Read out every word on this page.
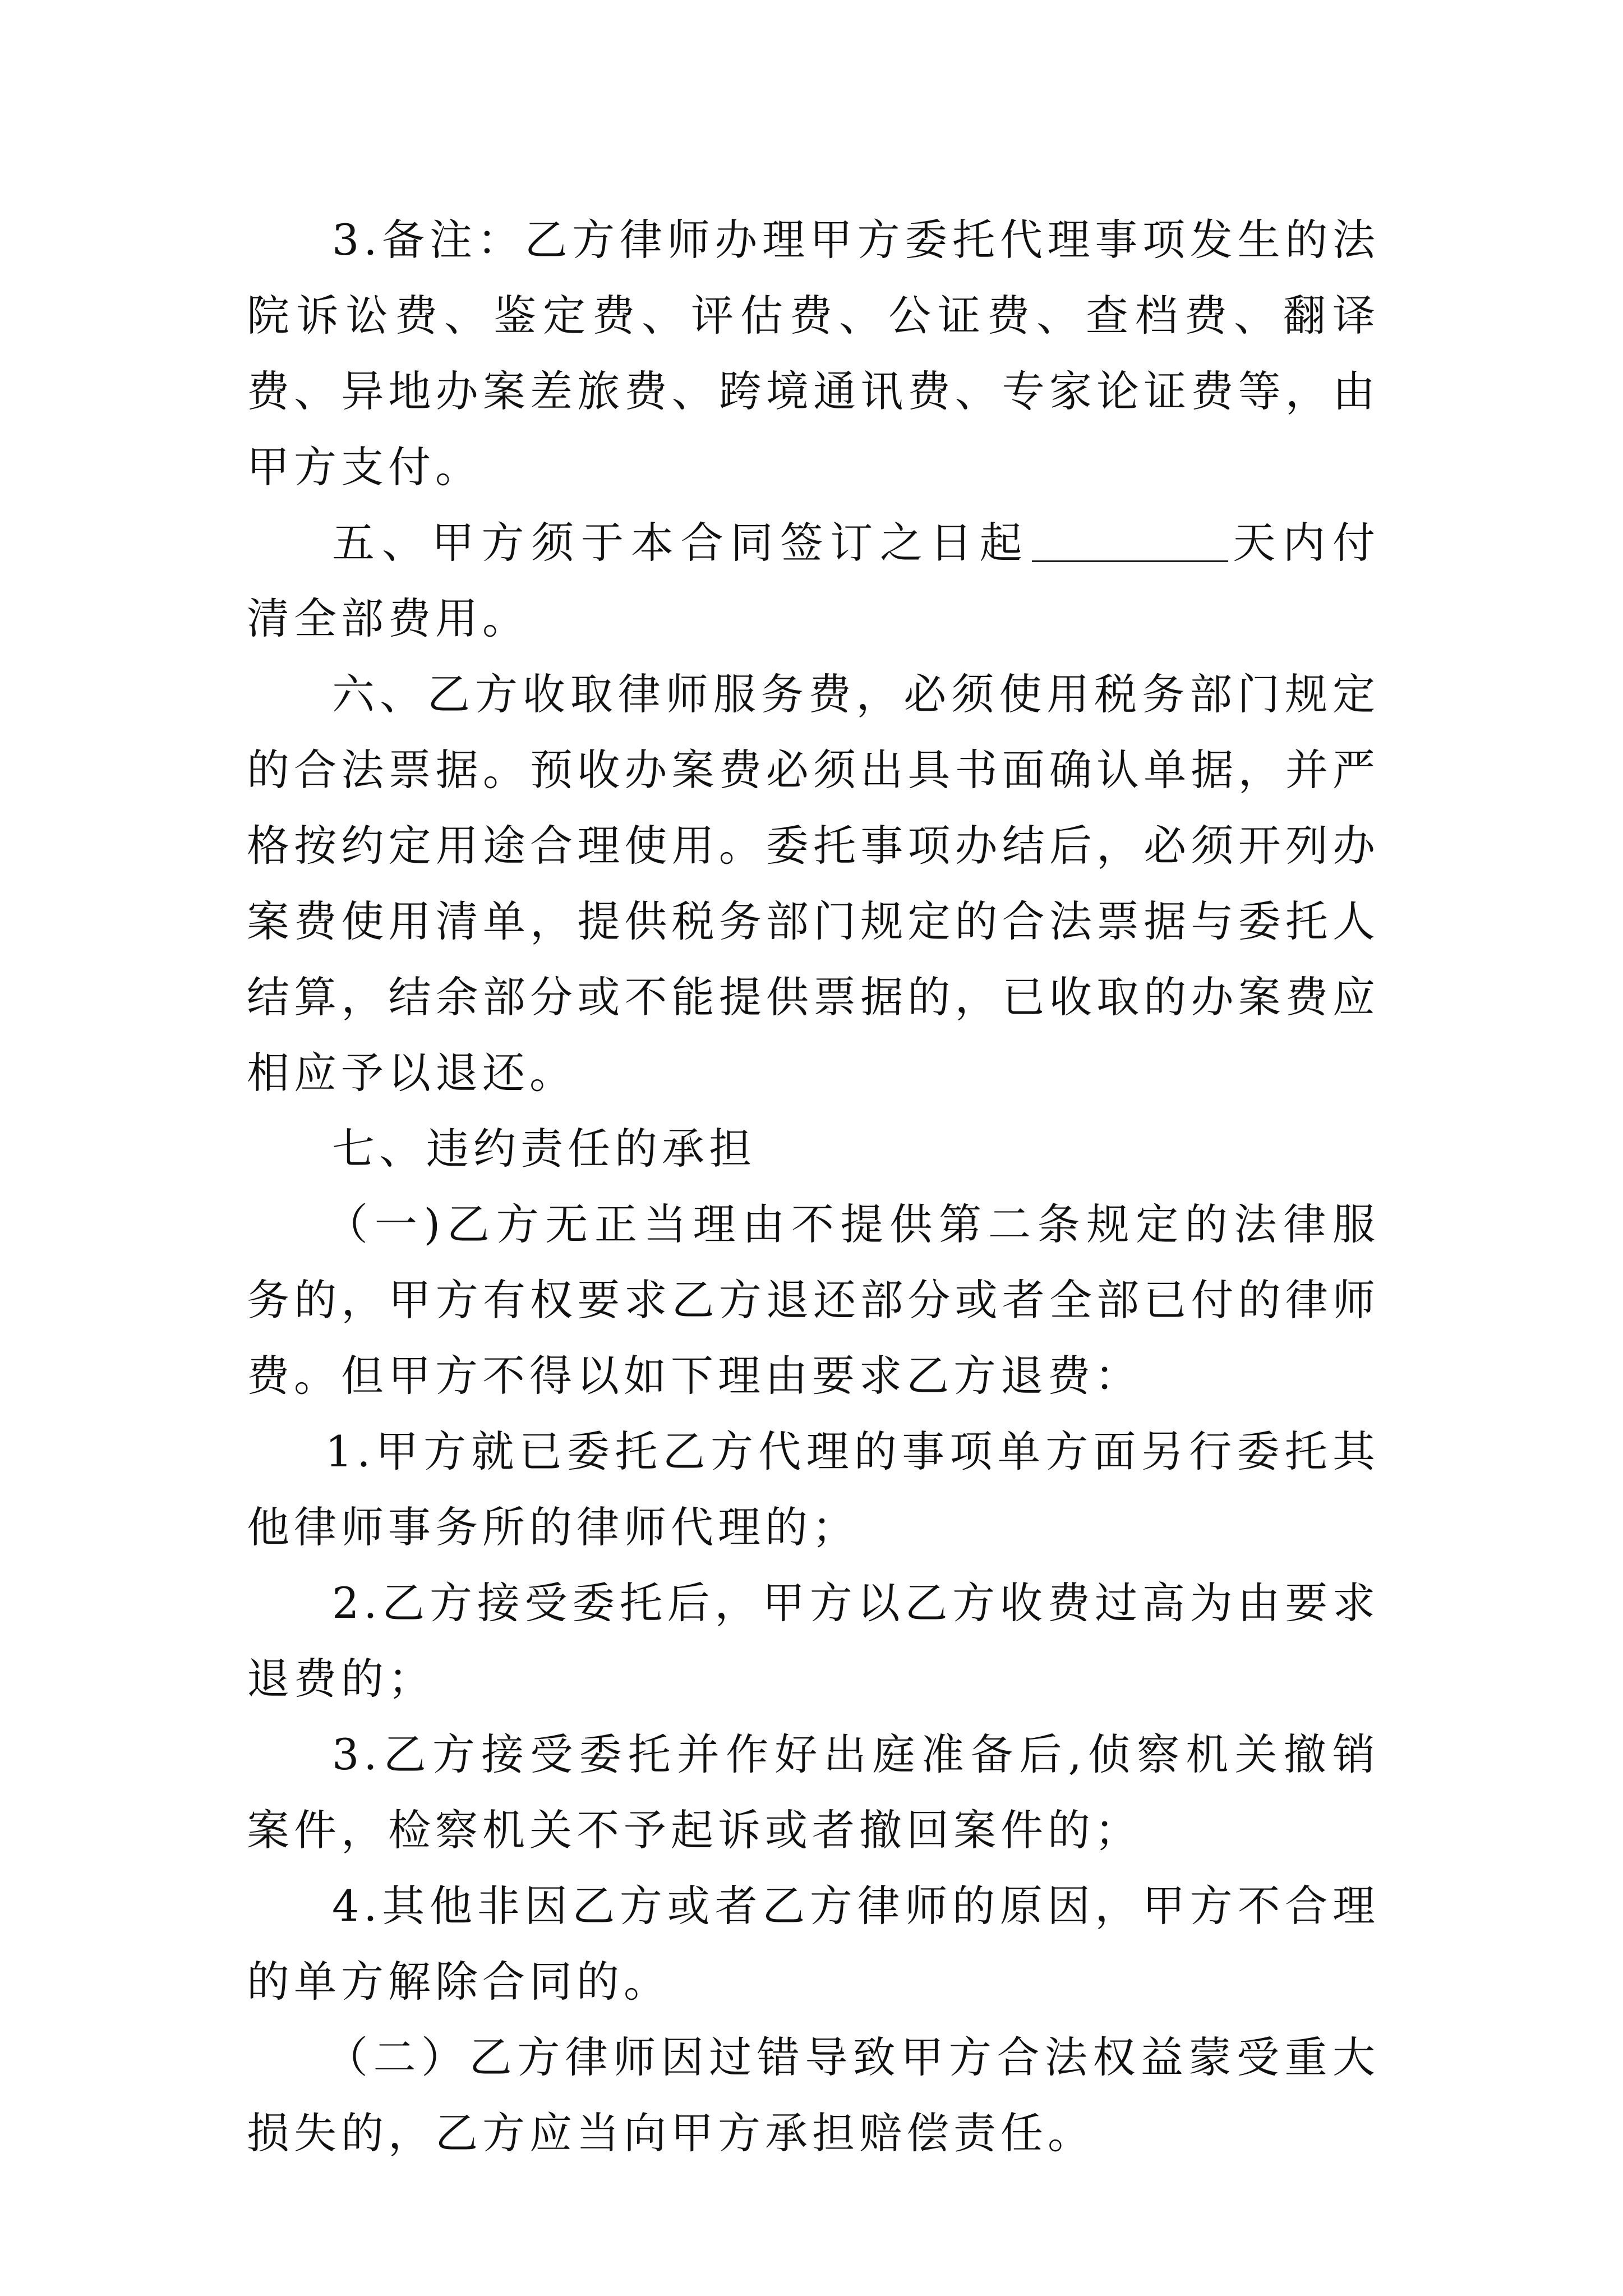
3.备注：乙方律师办理甲方委托代理事项发生的法院诉讼费、鉴定费、评估费、公证费、查档费、翻译费、异地办案差旅费、跨境通讯费、专家论证费等，由甲方支付。

五、甲方须于本合同签订之日起	天内付清全部费用。

六、乙方收取律师服务费，必须使用税务部门规定的合法票据。预收办案费必须出具书面确认单据，并严格按约定用途合理使用。委托事项办结后，必须开列办案费使用清单，提供税务部门规定的合法票据与委托人结算，结余部分或不能提供票据的，已收取的办案费应相应予以退还。

七、违约责任的承担

（一)乙方无正当理由不提供第二条规定的法律服务的，甲方有权要求乙方退还部分或者全部已付的律师费。但甲方不得以如下理由要求乙方退费：

1.甲方就已委托乙方代理的事项单方面另行委托其他律师事务所的律师代理的；

2.乙方接受委托后，甲方以乙方收费过高为由要求退费的；

3.乙方接受委托并作好出庭准备后,侦察机关撤销案件，检察机关不予起诉或者撤回案件的；

4.其他非因乙方或者乙方律师的原因，甲方不合理的单方解除合同的。

（二）乙方律师因过错导致甲方合法权益蒙受重大损失的，乙方应当向甲方承担赔偿责任。
